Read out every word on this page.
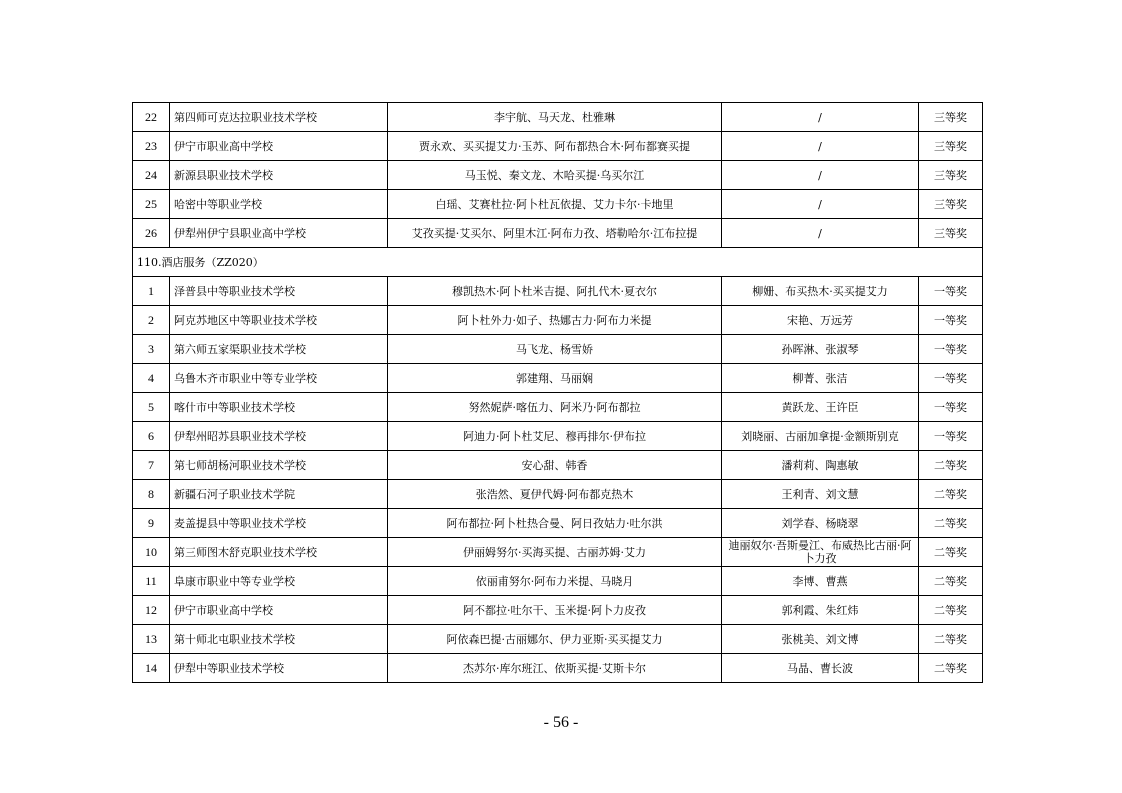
22	第四师可克达拉职业技术学校	李宇航、马天龙、杜雅琳	/	三等奖
23	伊宁市职业高中学校	贾永欢、买买提艾力·玉苏、阿布都热合木·阿布都赛买提	/	三等奖
24	新源县职业技术学校	马玉悦、秦文龙、木哈买提·乌买尔江	/	三等奖
25	哈密中等职业学校	白瑶、艾赛杜拉·阿卜杜瓦依提、艾力卡尔·卡地里	/	三等奖
26	伊犁州伊宁县职业高中学校	艾孜买提·艾买尔、阿里木江·阿布力孜、塔勒哈尔·江布拉提	/	三等奖
110.酒店服务（ZZ020）				
1	泽普县中等职业技术学校	穆凯热木·阿卜杜米吉提、阿扎代木·夏衣尔	柳姗、布买热木·买买提艾力	一等奖
2	阿克苏地区中等职业技术学校	阿卜杜外力·如子、热娜古力·阿布力米提	宋艳、万远芳	一等奖
3	第六师五家渠职业技术学校	马飞龙、杨雪娇	孙晖淋、张淑琴	一等奖
4	乌鲁木齐市职业中等专业学校	郭建翔、马丽娴	柳菁、张洁	一等奖
5	喀什市中等职业技术学校	努然妮萨·喀伍力、阿米乃·阿布都拉	黄跃龙、王许臣	一等奖
6	伊犁州昭苏县职业技术学校	阿迪力·阿卜杜艾尼、穆再排尔·伊布拉	刘晓丽、古丽加拿提·金额斯别克	一等奖
7	第七师胡杨河职业技术学校	安心甜、韩香	潘莉莉、陶惠敏	二等奖
8	新疆石河子职业技术学院	张浩然、夏伊代姆·阿布都克热木	王利青、刘文慧	二等奖
9	麦盖提县中等职业技术学校	阿布都拉·阿卜杜热合曼、阿日孜姑力·吐尔洪	刘学春、杨晓翠	二等奖
10	第三师图木舒克职业技术学校	伊丽姆努尔·买海买提、古丽苏姆·艾力	迪丽奴尔·吾斯曼江、布威热比古丽·阿卜力孜	二等奖
11	阜康市职业中等专业学校	依丽甫努尔·阿布力米提、马晓月	李博、曹燕	二等奖
12	伊宁市职业高中学校	阿不都拉·吐尔干、玉米提·阿卜力皮孜	郭利霞、朱红炜	二等奖
13	第十师北屯职业技术学校	阿依森巴提·古丽娜尔、伊力亚斯·买买提艾力	张桃美、刘文博	二等奖
14	伊犁中等职业技术学校	杰苏尔·库尔班江、依斯买提·艾斯卡尔	马晶、曹长波	二等奖
- 56 -
